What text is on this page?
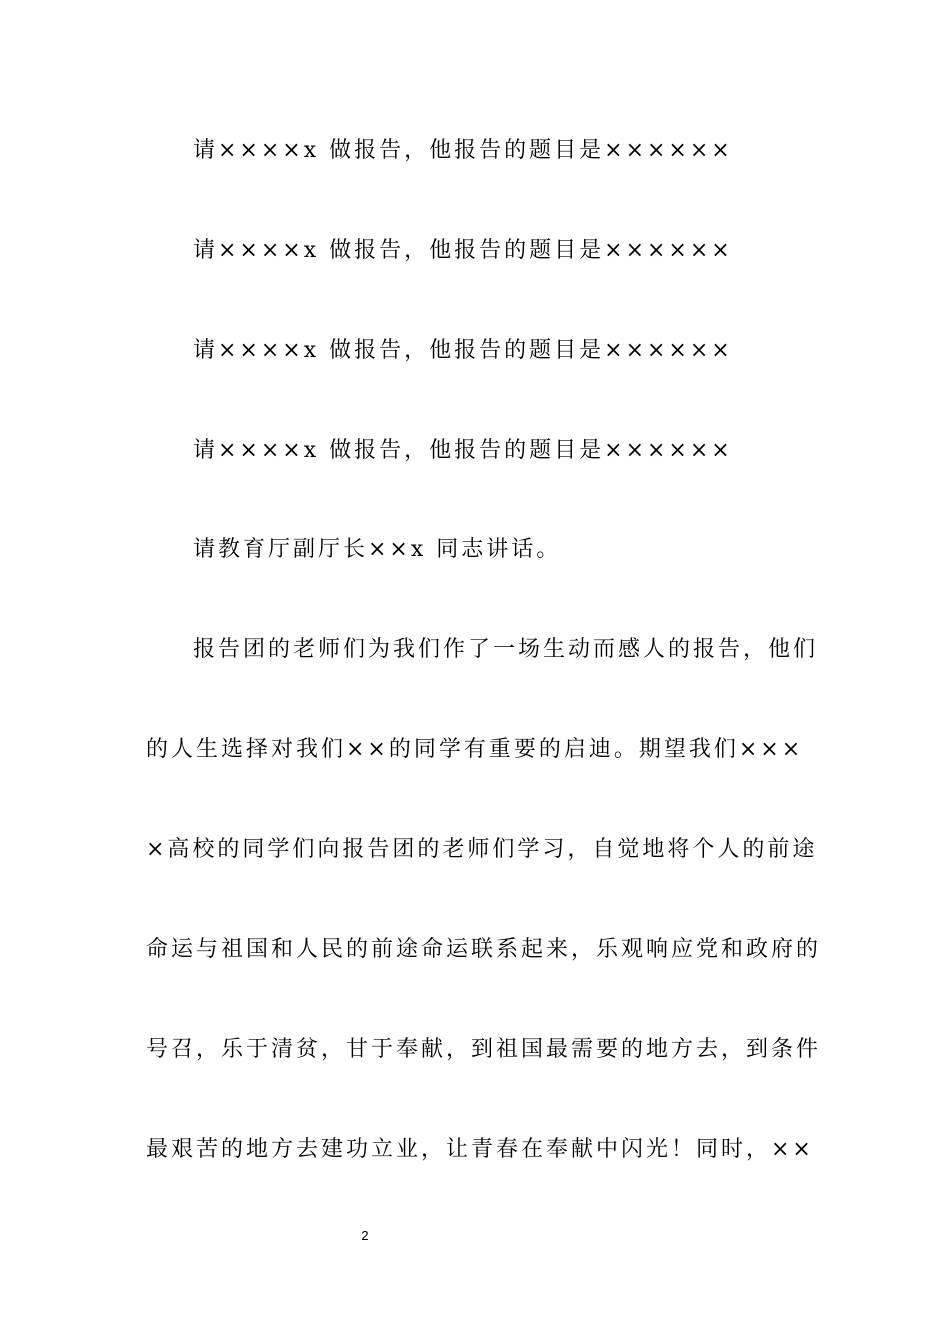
请××××x 做报告，他报告的题目是××××××
请××××x 做报告，他报告的题目是××××××
请××××x 做报告，他报告的题目是××××××
请××××x 做报告，他报告的题目是××××××
请教育厅副厅长××x 同志讲话。
报告团的老师们为我们作了一场生动而感人的报告，他们
的人生选择对我们××的同学有重要的启迪。期望我们×××
×高校的同学们向报告团的老师们学习，自觉地将个人的前途
命运与祖国和人民的前途命运联系起来，乐观响应党和政府的
号召，乐于清贫，甘于奉献，到祖国最需要的地方去，到条件
最艰苦的地方去建功立业，让青春在奉献中闪光！同时，××
2
